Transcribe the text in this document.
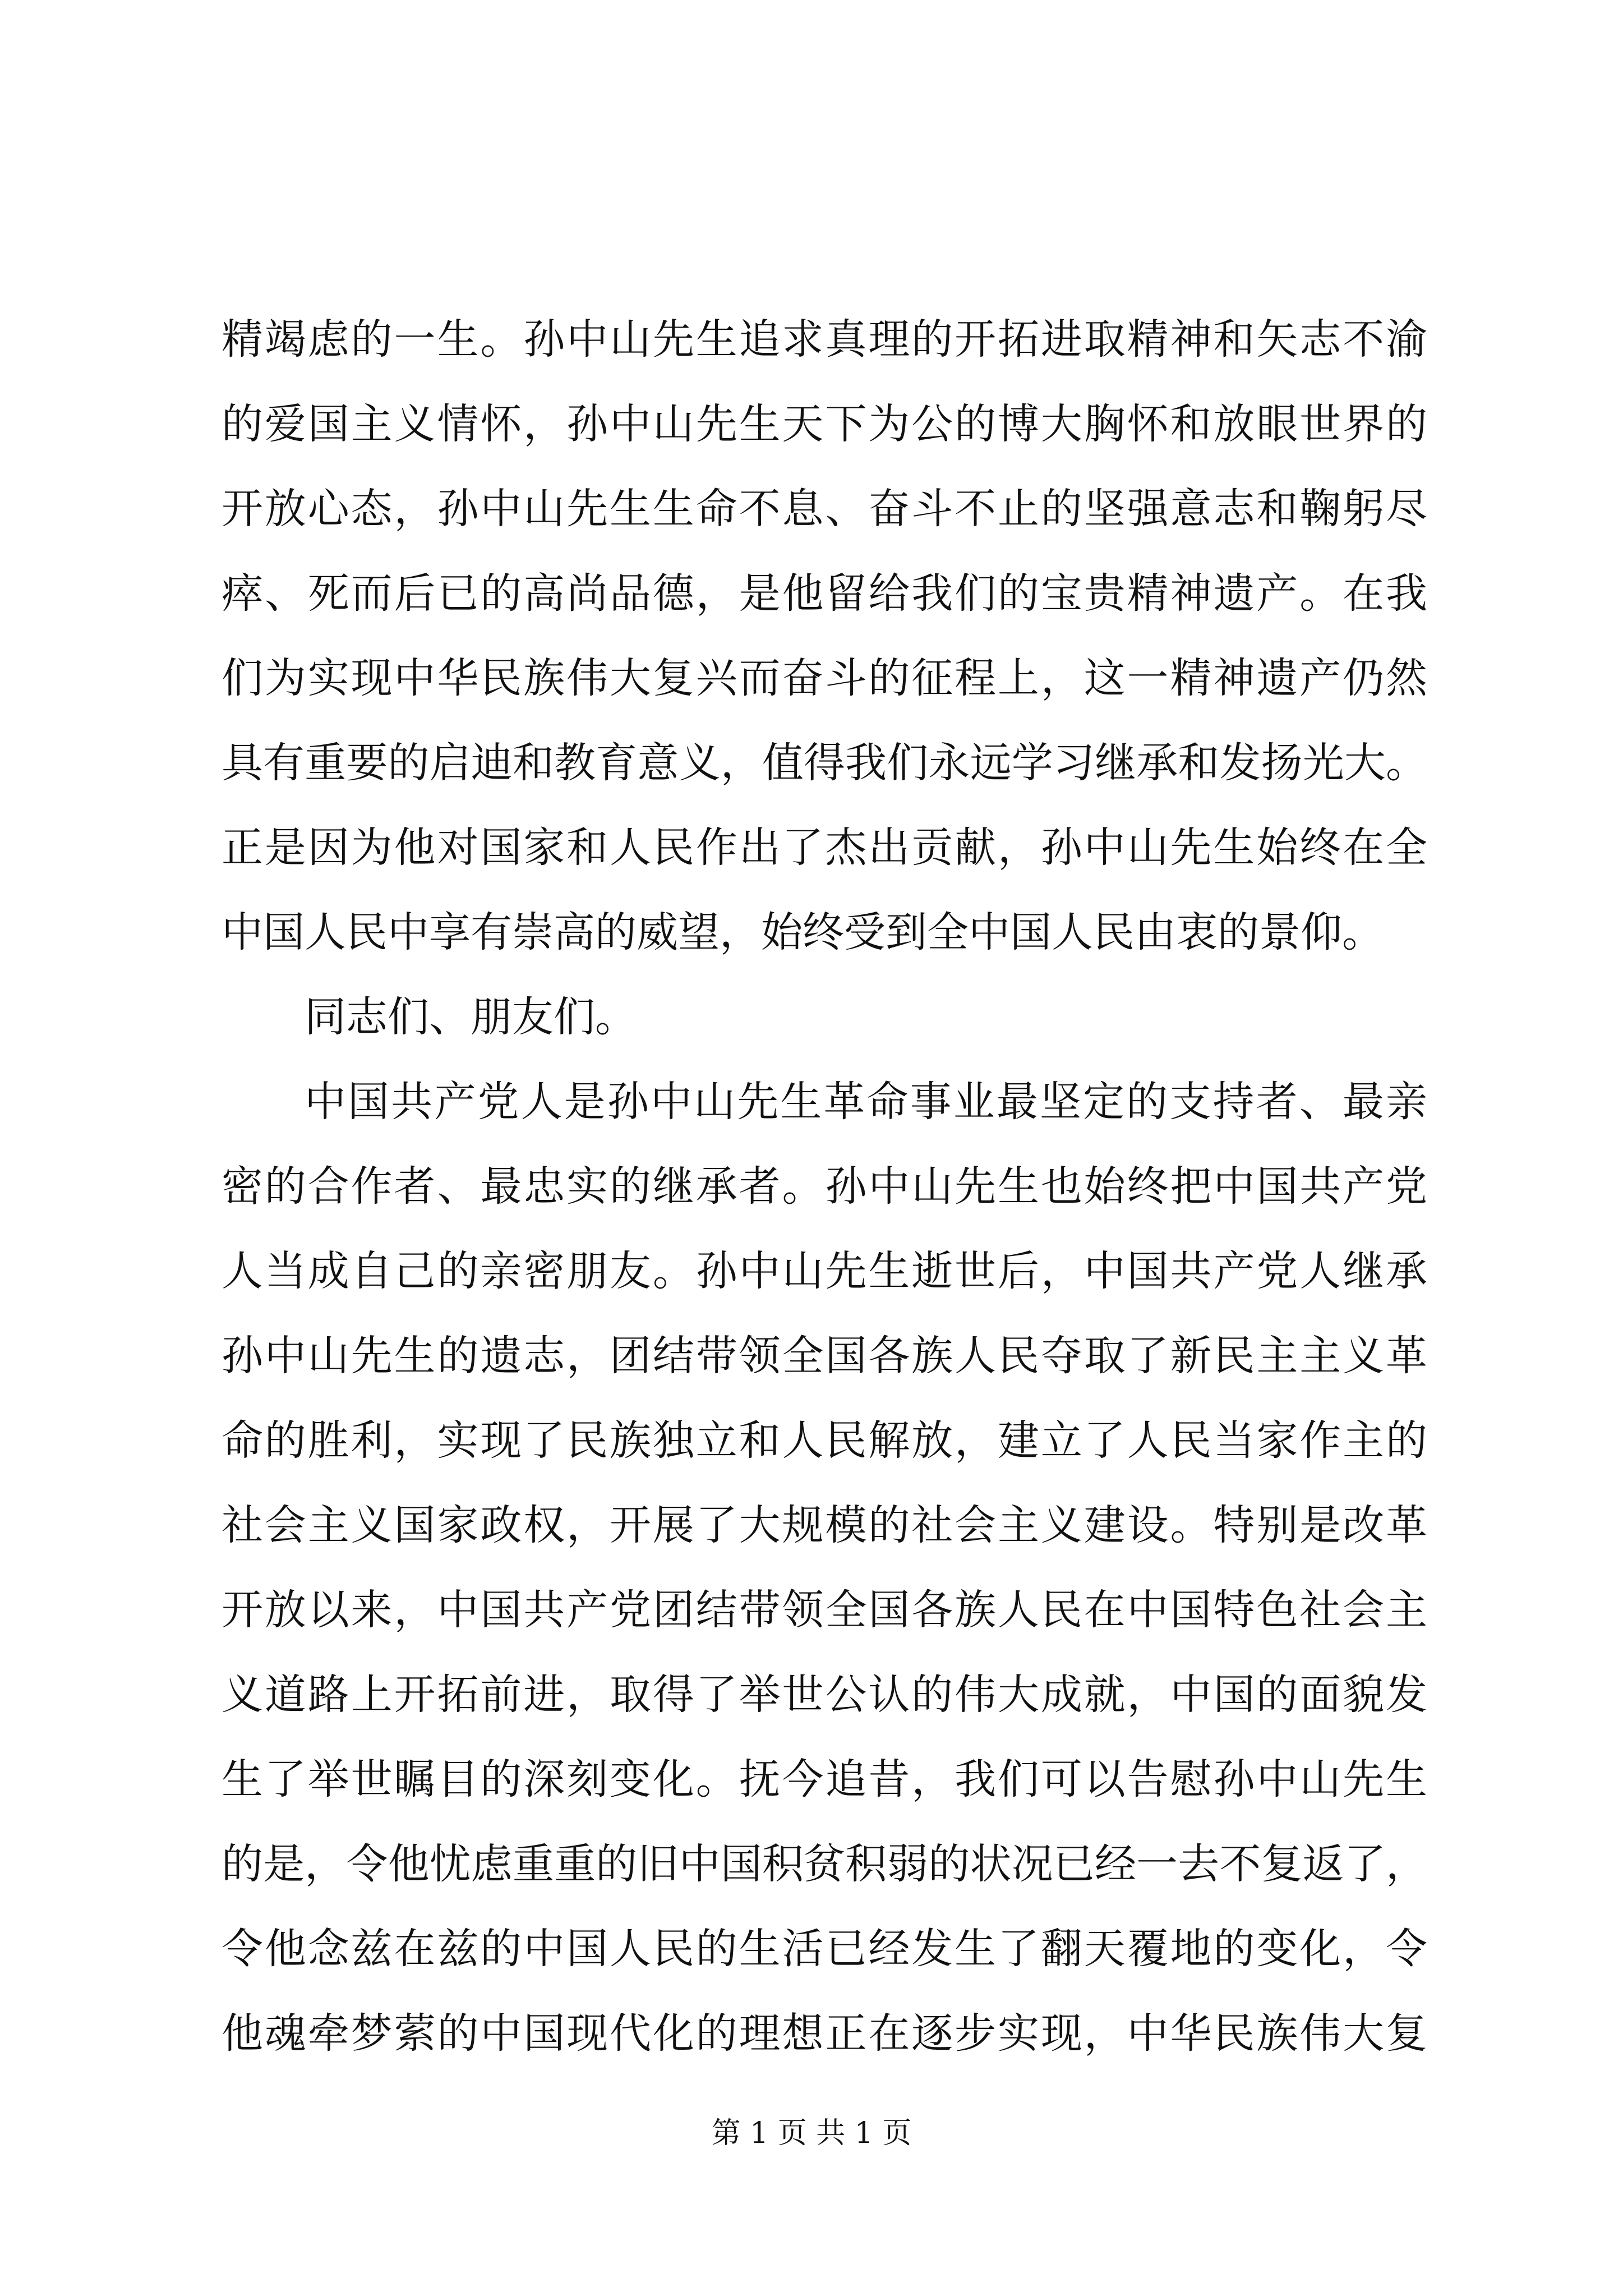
精竭虑的一生。孙中山先生追求真理的开拓进取精神和矢志不渝
的爱国主义情怀，孙中山先生天下为公的博大胸怀和放眼世界的
开放心态，孙中山先生生命不息、奋斗不止的坚强意志和鞠躬尽
瘁、死而后已的高尚品德，是他留给我们的宝贵精神遗产。在我
们为实现中华民族伟大复兴而奋斗的征程上，这一精神遗产仍然
具有重要的启迪和教育意义，值得我们永远学习继承和发扬光大。
正是因为他对国家和人民作出了杰出贡献，孙中山先生始终在全
中国人民中享有崇高的威望，始终受到全中国人民由衷的景仰。
同志们、朋友们。
中国共产党人是孙中山先生革命事业最坚定的支持者、最亲
密的合作者、最忠实的继承者。孙中山先生也始终把中国共产党
人当成自己的亲密朋友。孙中山先生逝世后，中国共产党人继承
孙中山先生的遗志，团结带领全国各族人民夺取了新民主主义革
命的胜利，实现了民族独立和人民解放，建立了人民当家作主的
社会主义国家政权，开展了大规模的社会主义建设。特别是改革
开放以来，中国共产党团结带领全国各族人民在中国特色社会主
义道路上开拓前进，取得了举世公认的伟大成就，中国的面貌发
生了举世瞩目的深刻变化。抚今追昔，我们可以告慰孙中山先生
的是，令他忧虑重重的旧中国积贫积弱的状况已经一去不复返了，
令他念兹在兹的中国人民的生活已经发生了翻天覆地的变化，令
他魂牵梦萦的中国现代化的理想正在逐步实现，中华民族伟大复
第 1 页 共 1 页
